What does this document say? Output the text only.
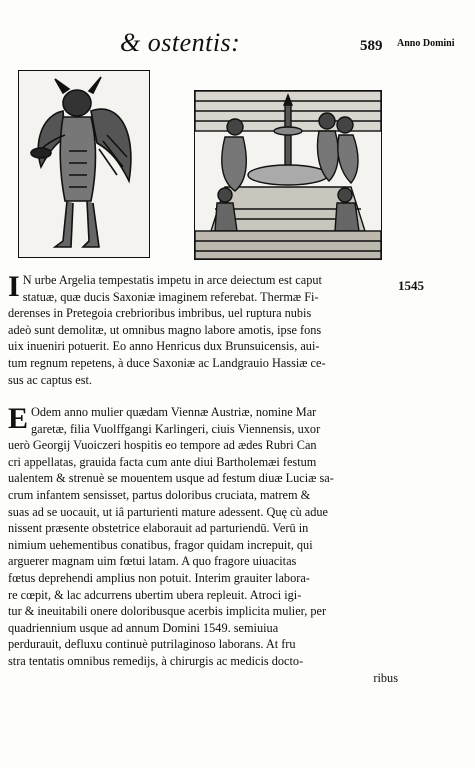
& ostentis:	589 Anno Domini
1545
I N urbe Argelia tempestatis impetu in arce deiectum est caput
statuæ, quæ ducis Saxoniæ imaginem referebat. Thermæ Fi-
derenses in Pretegoia crebrioribus imbribus, uel ruptura nubis
adeò sunt demolitæ, ut omnibus magno labore amotis, ipse fons
uix inueniri potuerit. Eo anno Henricus dux Brunsuicensis, aui-
tum regnum repetens, à duce Saxoniæ ac Landgrauio Hassiæ ce-
sus ac captus est.
E Odem anno mulier quædam Viennæ Austriæ, nomine Mar
garetæ, filia Vuolffgangi Karlingeri, ciuis Viennensis, uxor
uerò Georgij Vuoiczeri hospitis eo tempore ad ædes Rubri Can
cri appellatas, grauida facta cum ante diui Bartholemæi festum
ualentem & strenuè se mouentem usque ad festum diuæ Luciæ sa-
crum infantem sensisset, partus doloribus cruciata, matrem &
suas ad se uocauit, ut iâ parturienti mature adessent. Quę cù adue
nissent præsente obstetrice elaborauit ad parturiendū. Verū in
nimium uehementibus conatibus, fragor quidam increpuit, qui
arguerer magnam uim fœtui latam. A quo fragore uiuacitas
fœtus deprehendi amplius non potuit. Interim grauiter labora-
re cœpit, & lac adcurrens ubertim ubera repleuit. Atroci igi-
tur & ineuitabili onere doloribusque acerbis implicita mulier, per
quadriennium usque ad annum Domini 1549. semiuiua
perdurauit, defluxu continuè putrilaginoso laborans. At fru
stra tentatis omnibus remedijs, à chirurgis ac medicis docto-
ribus
